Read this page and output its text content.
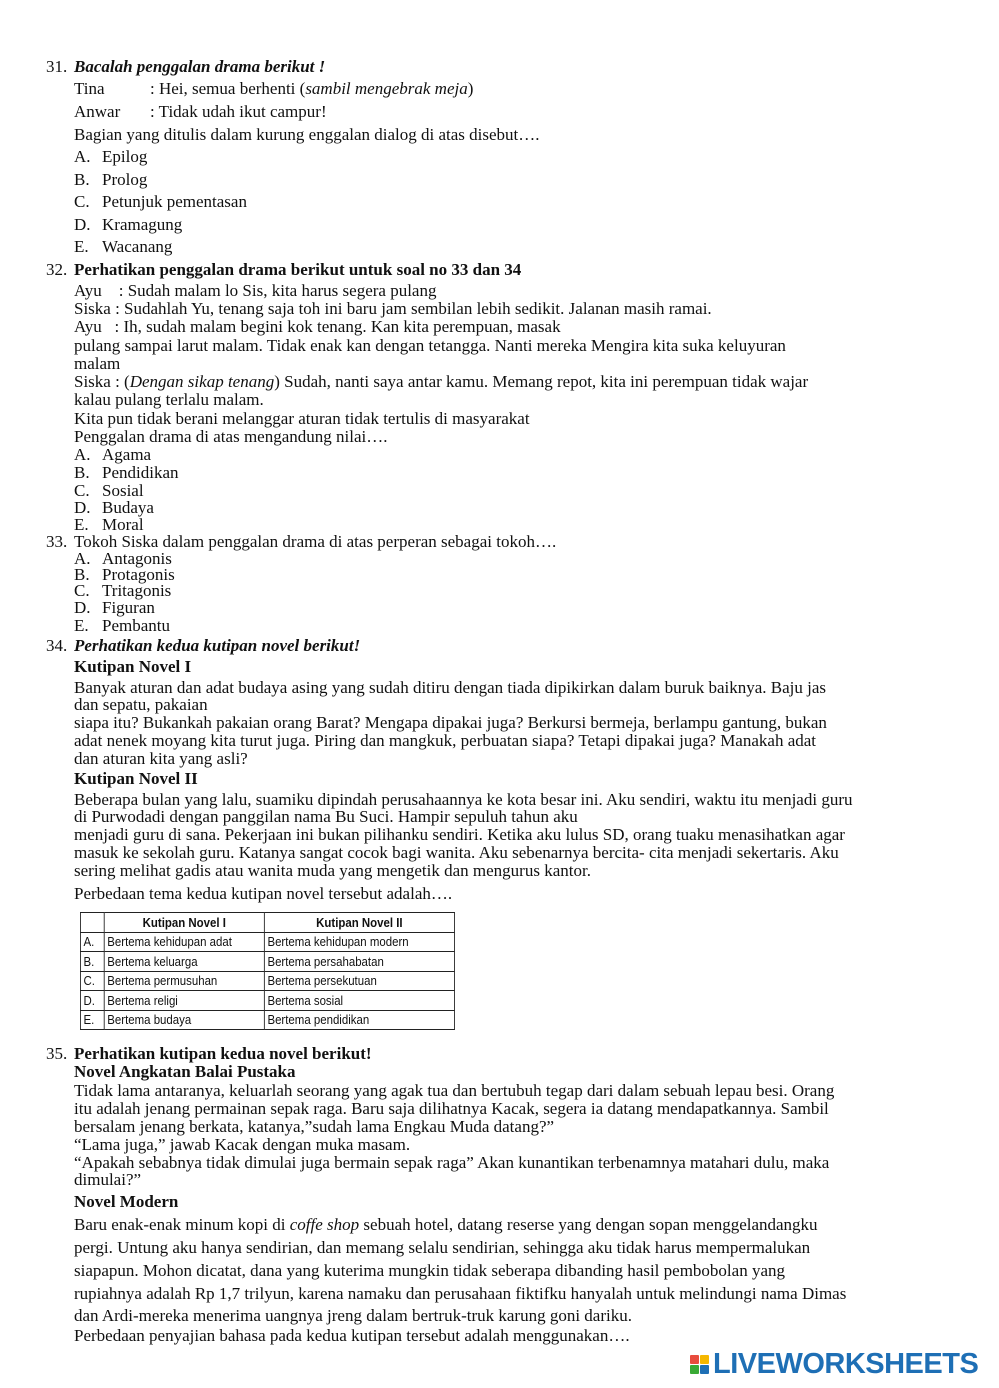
31. Bacalah penggalan drama berikut !
Tina	: Hei, semua berhenti (sambil mengebrak meja)
Anwar : Tidak udah ikut campur!
Bagian yang ditulis dalam kurung enggalan dialog di atas disebut….
A. Epilog
B. Prolog
C. Petunjuk pementasan
D. Kramagung
E. Wacanang
32. Perhatikan penggalan drama berikut untuk soal no 33 dan 34
Ayu    : Sudah malam lo Sis, kita harus segera pulang
Siska : Sudahlah Yu, tenang saja toh ini baru jam sembilan lebih sedikit. Jalanan masih ramai.
Ayu   : Ih, sudah malam begini kok tenang. Kan kita perempuan, masak
pulang sampai larut malam. Tidak enak kan dengan tetangga. Nanti mereka Mengira kita suka keluyuran
malam
Siska : (Dengan sikap tenang) Sudah, nanti saya antar kamu. Memang repot, kita ini perempuan tidak wajar
kalau pulang terlalu malam.
Kita pun tidak berani melanggar aturan tidak tertulis di masyarakat
Penggalan drama di atas mengandung nilai….
A. Agama
B. Pendidikan
C. Sosial
D. Budaya
E. Moral
33. Tokoh Siska dalam penggalan drama di atas perperan sebagai tokoh….
A. Antagonis
B. Protagonis
C. Tritagonis
D. Figuran
E. Pembantu
34. Perhatikan kedua kutipan novel berikut!
Kutipan Novel I
Banyak aturan dan adat budaya asing yang sudah ditiru dengan tiada dipikirkan dalam buruk baiknya. Baju jas
dan sepatu, pakaian
siapa itu? Bukankah pakaian orang Barat? Mengapa dipakai juga? Berkursi bermeja, berlampu gantung, bukan
adat nenek moyang kita turut juga. Piring dan mangkuk, perbuatan siapa? Tetapi dipakai juga? Manakah adat
dan aturan kita yang asli?
Kutipan Novel II
Beberapa bulan yang lalu, suamiku dipindah perusahaannya ke kota besar ini. Aku sendiri, waktu itu menjadi guru
di Purwodadi dengan panggilan nama Bu Suci. Hampir sepuluh tahun aku
menjadi guru di sana. Pekerjaan ini bukan pilihanku sendiri. Ketika aku lulus SD, orang tuaku menasihatkan agar
masuk ke sekolah guru. Katanya sangat cocok bagi wanita. Aku sebenarnya bercita- cita menjadi sekertaris. Aku
sering melihat gadis atau wanita muda yang mengetik dan mengurus kantor.
Perbedaan tema kedua kutipan novel tersebut adalah….
	Kutipan Novel I	Kutipan Novel II
A.	Bertema kehidupan adat	Bertema kehidupan modern
B.	Bertema keluarga	Bertema persahabatan
C.	Bertema permusuhan	Bertema persekutuan
D.	Bertema religi	Bertema sosial
E.	Bertema budaya	Bertema pendidikan
35. Perhatikan kutipan kedua novel berikut!
Novel Angkatan Balai Pustaka
Tidak lama antaranya, keluarlah seorang yang agak tua dan bertubuh tegap dari dalam sebuah lepau besi. Orang
itu adalah jenang permainan sepak raga. Baru saja dilihatnya Kacak, segera ia datang mendapatkannya. Sambil
bersalam jenang berkata, katanya,”sudah lama Engkau Muda datang?”
“Lama juga,” jawab Kacak dengan muka masam.
“Apakah sebabnya tidak dimulai juga bermain sepak raga” Akan kunantikan terbenamnya matahari dulu, maka
dimulai?”
Novel Modern
Baru enak-enak minum kopi di coffe shop sebuah hotel, datang reserse yang dengan sopan menggelandangku
pergi. Untung aku hanya sendirian, dan memang selalu sendirian, sehingga aku tidak harus mempermalukan
siapapun. Mohon dicatat, dana yang kuterima mungkin tidak seberapa dibanding hasil pembobolan yang
rupiahnya adalah Rp 1,7 trilyun, karena namaku dan perusahaan fiktifku hanyalah untuk melindungi nama Dimas
dan Ardi-mereka menerima uangnya jreng dalam bertruk-truk karung goni dariku.
Perbedaan penyajian bahasa pada kedua kutipan tersebut adalah menggunakan….
LIVEWORKSHEETS
